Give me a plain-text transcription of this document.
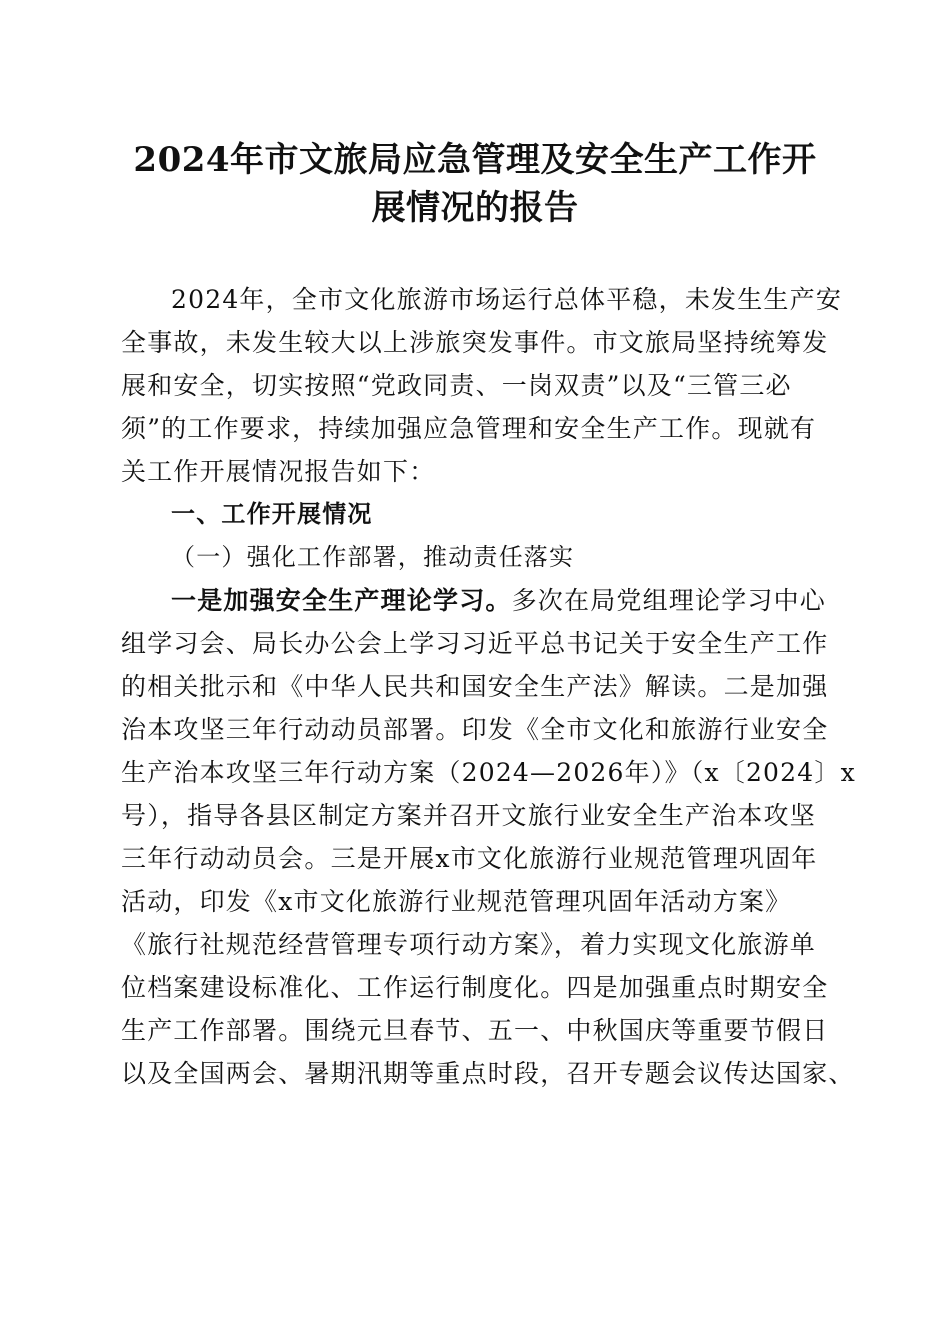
2024年市文旅局应急管理及安全生产工作开
展情况的报告
2024年，全市文化旅游市场运行总体平稳，未发生生产安
全事故，未发生较大以上涉旅突发事件。市文旅局坚持统筹发
展和安全，切实按照“党政同责、一岗双责”以及“三管三必
须”的工作要求，持续加强应急管理和安全生产工作。现就有
关工作开展情况报告如下：
一、工作开展情况
（一）强化工作部署，推动责任落实
一是加强安全生产理论学习。多次在局党组理论学习中心
组学习会、局长办公会上学习习近平总书记关于安全生产工作
的相关批示和《中华人民共和国安全生产法》解读。二是加强
治本攻坚三年行动动员部署。印发《全市文化和旅游行业安全
生产治本攻坚三年行动方案（2024—2026年）》（x〔2024〕x
号），指导各县区制定方案并召开文旅行业安全生产治本攻坚
三年行动动员会。三是开展x市文化旅游行业规范管理巩固年
活动，印发《x市文化旅游行业规范管理巩固年活动方案》
《旅行社规范经营管理专项行动方案》，着力实现文化旅游单
位档案建设标准化、工作运行制度化。四是加强重点时期安全
生产工作部署。围绕元旦春节、五一、中秋国庆等重要节假日
以及全国两会、暑期汛期等重点时段，召开专题会议传达国家、
